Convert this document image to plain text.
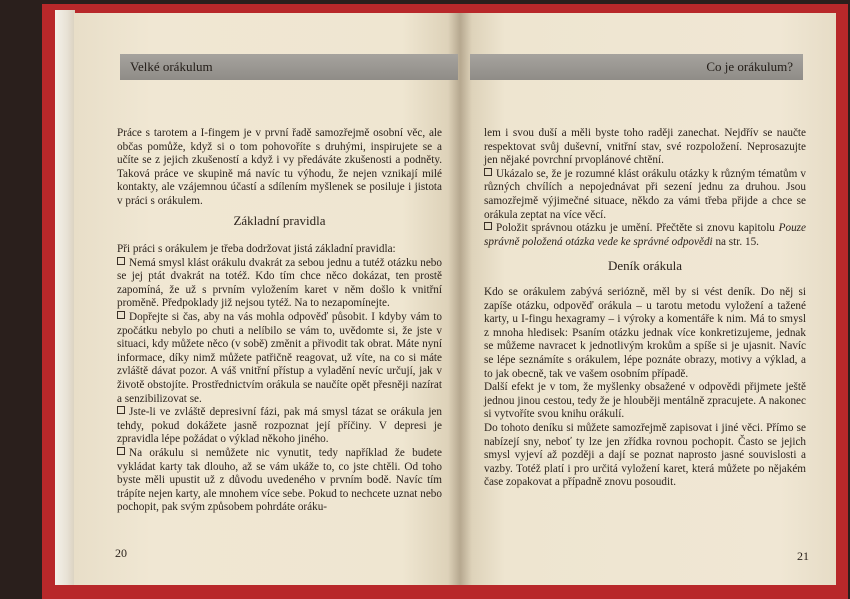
Velké orákulum	Co je orákulum?

Práce s tarotem a I-fingem je v první řadě samozřejmě osobní věc, ale občas pomůže, když si o tom pohovoříte s druhými, inspirujete se a učíte se z jejich zkušeností a když i vy předáváte zkušenosti a podněty. Taková práce ve skupině má navíc tu výhodu, že nejen vznikají milé kontakty, ale vzájemnou účastí a sdílením myšlenek se posiluje i jistota v práci s orákulem.

Základní pravidla

Při práci s orákulem je třeba dodržovat jistá základní pravidla:

Nemá smysl klást orákulu dvakrát za sebou jednu a tutéž otázku nebo se jej ptát dvakrát na totéž. Kdo tím chce něco dokázat, ten prostě zapomíná, že už s prvním vyložením karet v něm došlo k vnitřní proměně. Předpoklady již nejsou tytéž. Na to nezapomínejte.

Dopřejte si čas, aby na vás mohla odpověď působit. I kdyby vám to zpočátku nebylo po chuti a nelíbilo se vám to, uvědomte si, že jste v situaci, kdy můžete něco (v sobě) změnit a přivodit tak obrat. Máte nyní informace, díky nimž můžete patřičně reagovat, už víte, na co si máte zvláště dávat pozor. A váš vnitřní přístup a vyladění nevíc určují, jak v životě obstojíte. Prostřednictvím orákula se naučíte opět přesněji nazírat a senzibilizovat se.

Jste-li ve zvláště depresivní fázi, pak má smysl tázat se orákula jen tehdy, pokud dokážete jasně rozpoznat její příčiny. V depresi je zpravidla lépe požádat o výklad někoho jiného.

Na orákulu si nemůžete nic vynutit, tedy například že budete vykládat karty tak dlouho, až se vám ukáže to, co jste chtěli. Od toho byste měli upustit už z důvodu uvedeného v prvním bodě. Navíc tím trápíte nejen karty, ale mnohem více sebe. Pokud to nechcete uznat nebo pochopit, pak svým způsobem pohrdáte oráku-

20

lem i svou duší a měli byste toho raději zanechat. Nejdřív se naučte respektovat svůj duševní, vnitřní stav, své rozpoložení. Neprosazujte jen nějaké povrchní prvoplánové chtění.

Ukázalo se, že je rozumné klást orákulu otázky k různým tématům v různých chvílích a nepojednávat při sezení jednu za druhou. Jsou samozřejmě výjimečné situace, někdo za vámi třeba přijde a chce se orákula zeptat na více věcí.

Položit správnou otázku je umění. Přečtěte si znovu kapitolu Pouze správně položená otázka vede ke správné odpovědi na str. 15.

Deník orákula

Kdo se orákulem zabývá seriózně, měl by si vést deník. Do něj si zapíše otázku, odpověď orákula – u tarotu metodu vyložení a tažené karty, u I-fingu hexagramy – i výroky a komentáře k nim. Má to smysl z mnoha hledisek: Psaním otázku jednak více konkretizujeme, jednak se můžeme navracet k jednotlivým krokům a spíše si je ujasnit. Navíc se lépe seznámíte s orákulem, lépe poznáte obrazy, motivy a výklad, a to jak obecně, tak ve vašem osobním případě.

Další efekt je v tom, že myšlenky obsažené v odpovědi přijmete ještě jednou jinou cestou, tedy že je hlouběji mentálně zpracujete. A nakonec si vytvoříte svou knihu orákulí.

Do tohoto deníku si můžete samozřejmě zapisovat i jiné věci. Přímo se nabízejí sny, neboť ty lze jen zřídka rovnou pochopit. Často se jejich smysl vyjeví až později a dají se poznat naprosto jasné souvislosti a vazby. Totéž platí i pro určitá vyložení karet, která můžete po nějakém čase zopakovat a případně znovu posoudit.

21
